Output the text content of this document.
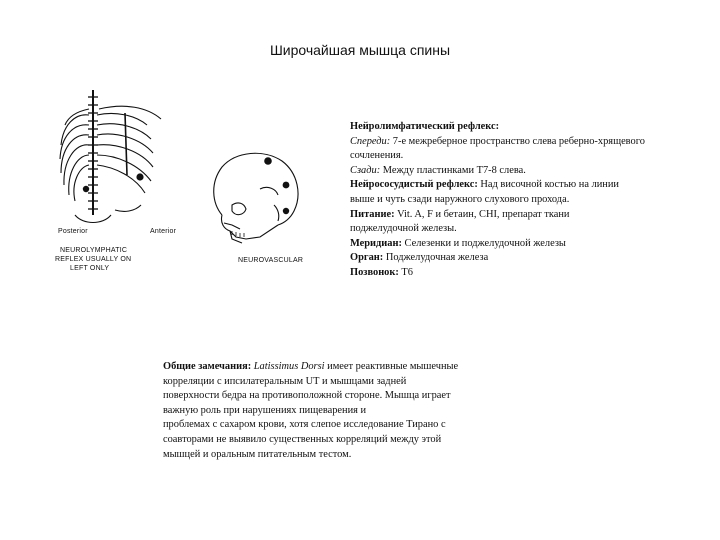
Широчайшая мышца спины
Posterior	Anterior
NEUROLYMPHATIC
REFLEX USUALLY ON
LEFT ONLY
NEUROVASCULAR

Нейролимфатический рефлекс:

Спереди: 7-е межреберное пространство слева реберно-хрящевого

сочленения.

Сзади: Между пластинками Т7-8 слева.

Нейрососудистый рефлекс: Над височной костью на линии

выше и чуть сзади наружного слухового прохода.

Питание: Vit. A, F и бетаин, CHI, препарат ткани

поджелудочной железы.

Меридиан: Селезенки и поджелудочной железы

Орган: Поджелудочная железа

Позвонок: Т6

Общие замечания: Latissimus Dorsi имеет реактивные мышечные

корреляции с ипсилатеральным UT и мышцами задней

поверхности бедра на противоположной стороне. Мышца играет

важную роль при нарушениях пищеварения и

проблемах с сахаром крови, хотя слепое исследование Тирано с

соавторами не выявило существенных корреляций между этой

мышцей и оральным питательным тестом.
